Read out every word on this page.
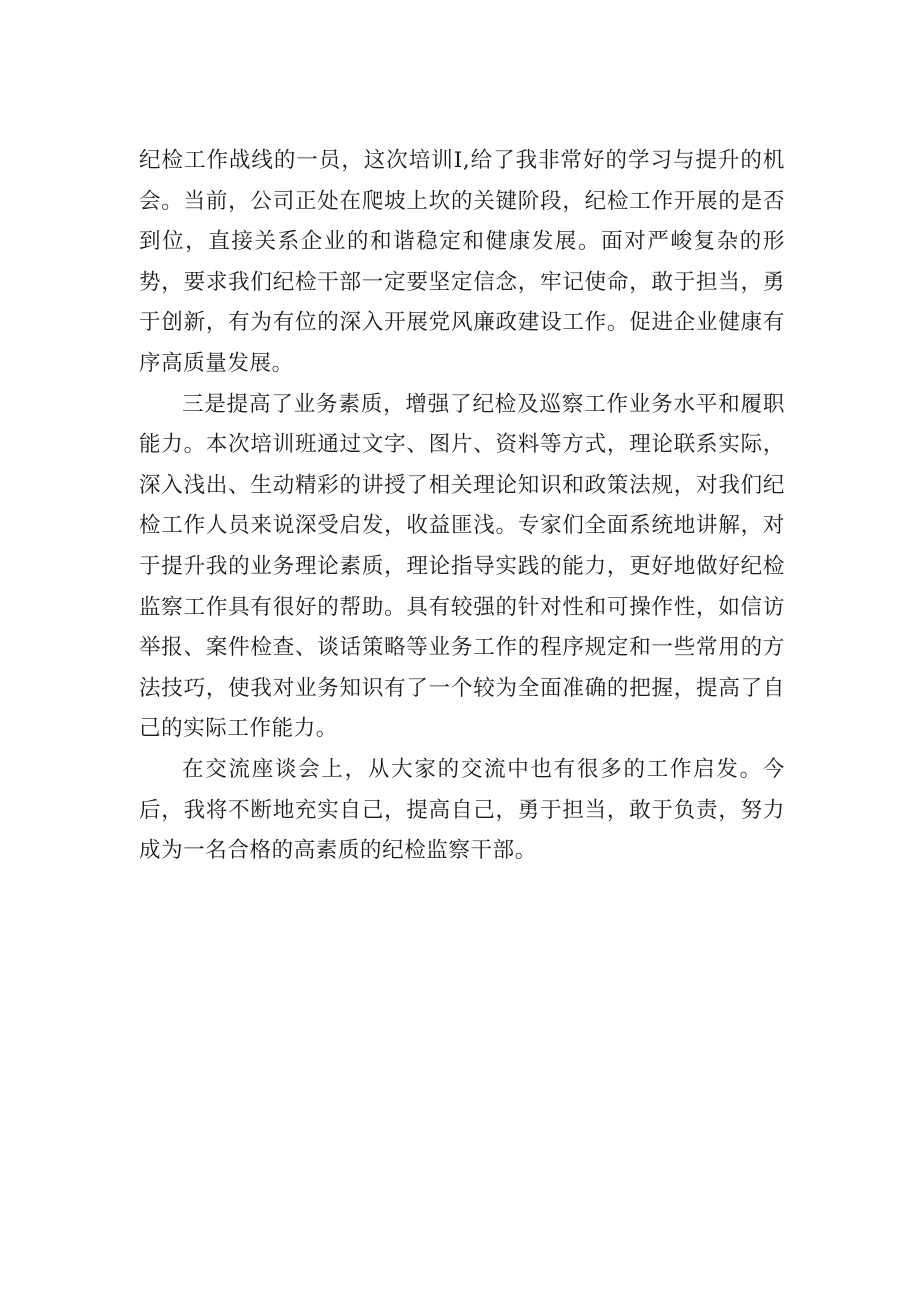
纪检工作战线的一员，这次培训I,给了我非常好的学习与提升的机会。当前，公司正处在爬坡上坎的关键阶段，纪检工作开展的是否到位，直接关系企业的和谐稳定和健康发展。面对严峻复杂的形势，要求我们纪检干部一定要坚定信念，牢记使命，敢于担当，勇于创新，有为有位的深入开展党风廉政建设工作。促进企业健康有序高质量发展。

三是提高了业务素质，增强了纪检及巡察工作业务水平和履职能力。本次培训班通过文字、图片、资料等方式，理论联系实际，深入浅出、生动精彩的讲授了相关理论知识和政策法规，对我们纪检工作人员来说深受启发，收益匪浅。专家们全面系统地讲解，对于提升我的业务理论素质，理论指导实践的能力，更好地做好纪检监察工作具有很好的帮助。具有较强的针对性和可操作性，如信访举报、案件检查、谈话策略等业务工作的程序规定和一些常用的方法技巧，使我对业务知识有了一个较为全面准确的把握，提高了自己的实际工作能力。

在交流座谈会上，从大家的交流中也有很多的工作启发。今后，我将不断地充实自己，提高自己，勇于担当，敢于负责，努力成为一名合格的高素质的纪检监察干部。
